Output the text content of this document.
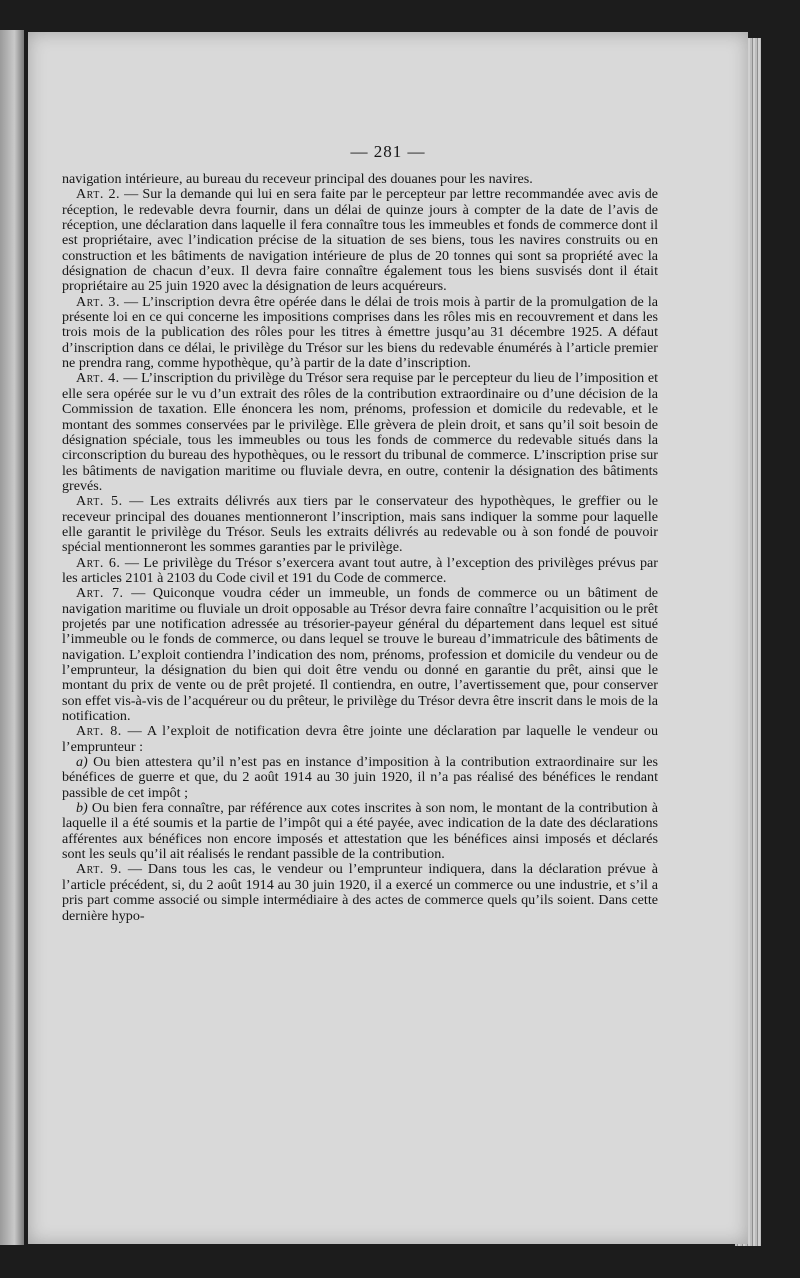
— 281 —

navigation intérieure, au bureau du receveur principal des douanes pour les navires.

Art. 2. — Sur la demande qui lui en sera faite par le percepteur par lettre recommandée avec avis de réception, le redevable devra fournir, dans un délai de quinze jours à compter de la date de l’avis de réception, une déclaration dans laquelle il fera connaître tous les immeubles et fonds de commerce dont il est propriétaire, avec l’indication précise de la situation de ses biens, tous les navires construits ou en construction et les bâtiments de navigation intérieure de plus de 20 tonnes qui sont sa propriété avec la désignation de chacun d’eux. Il devra faire connaître également tous les biens susvisés dont il était propriétaire au 25 juin 1920 avec la désignation de leurs acquéreurs.

Art. 3. — L’inscription devra être opérée dans le délai de trois mois à partir de la promulgation de la présente loi en ce qui concerne les impositions comprises dans les rôles mis en recouvrement et dans les trois mois de la publication des rôles pour les titres à émettre jusqu’au 31 décembre 1925. A défaut d’inscription dans ce délai, le privilège du Trésor sur les biens du redevable énumérés à l’article premier ne prendra rang, comme hypothèque, qu’à partir de la date d’inscription.

Art. 4. — L’inscription du privilège du Trésor sera requise par le percepteur du lieu de l’imposition et elle sera opérée sur le vu d’un extrait des rôles de la contribution extraordinaire ou d’une décision de la Commission de taxation. Elle énoncera les nom, prénoms, profession et domicile du redevable, et le montant des sommes conservées par le privilège. Elle grèvera de plein droit, et sans qu’il soit besoin de désignation spéciale, tous les immeubles ou tous les fonds de commerce du redevable situés dans la circonscription du bureau des hypothèques, ou le ressort du tribunal de commerce. L’inscription prise sur les bâtiments de navigation maritime ou fluviale devra, en outre, contenir la désignation des bâtiments grevés.

Art. 5. — Les extraits délivrés aux tiers par le conservateur des hypothèques, le greffier ou le receveur principal des douanes mentionneront l’inscription, mais sans indiquer la somme pour laquelle elle garantit le privilège du Trésor. Seuls les extraits délivrés au redevable ou à son fondé de pouvoir spécial mentionneront les sommes garanties par le privilège.

Art. 6. — Le privilège du Trésor s’exercera avant tout autre, à l’exception des privilèges prévus par les articles 2101 à 2103 du Code civil et 191 du Code de commerce.

Art. 7. — Quiconque voudra céder un immeuble, un fonds de commerce ou un bâtiment de navigation maritime ou fluviale un droit opposable au Trésor devra faire connaître l’acquisition ou le prêt projetés par une notification adressée au trésorier-payeur général du département dans lequel est situé l’immeuble ou le fonds de commerce, ou dans lequel se trouve le bureau d’immatricule des bâtiments de navigation. L’exploit contiendra l’indication des nom, prénoms, profession et domicile du vendeur ou de l’emprunteur, la désignation du bien qui doit être vendu ou donné en garantie du prêt, ainsi que le montant du prix de vente ou de prêt projeté. Il contiendra, en outre, l’avertissement que, pour conserver son effet vis-à-vis de l’acquéreur ou du prêteur, le privilège du Trésor devra être inscrit dans le mois de la notification.

Art. 8. — A l’exploit de notification devra être jointe une déclaration par laquelle le vendeur ou l’emprunteur :

a) Ou bien attestera qu’il n’est pas en instance d’imposition à la contribution extraordinaire sur les bénéfices de guerre et que, du 2 août 1914 au 30 juin 1920, il n’a pas réalisé des bénéfices le rendant passible de cet impôt ;

b) Ou bien fera connaître, par référence aux cotes inscrites à son nom, le montant de la contribution à laquelle il a été soumis et la partie de l’impôt qui a été payée, avec indication de la date des déclarations afférentes aux bénéfices non encore imposés et attestation que les bénéfices ainsi imposés et déclarés sont les seuls qu’il ait réalisés le rendant passible de la contribution.

Art. 9. — Dans tous les cas, le vendeur ou l’emprunteur indiquera, dans la déclaration prévue à l’article précédent, si, du 2 août 1914 au 30 juin 1920, il a exercé un commerce ou une industrie, et s’il a pris part comme associé ou simple intermédiaire à des actes de commerce quels qu’ils soient. Dans cette dernière hypo-
